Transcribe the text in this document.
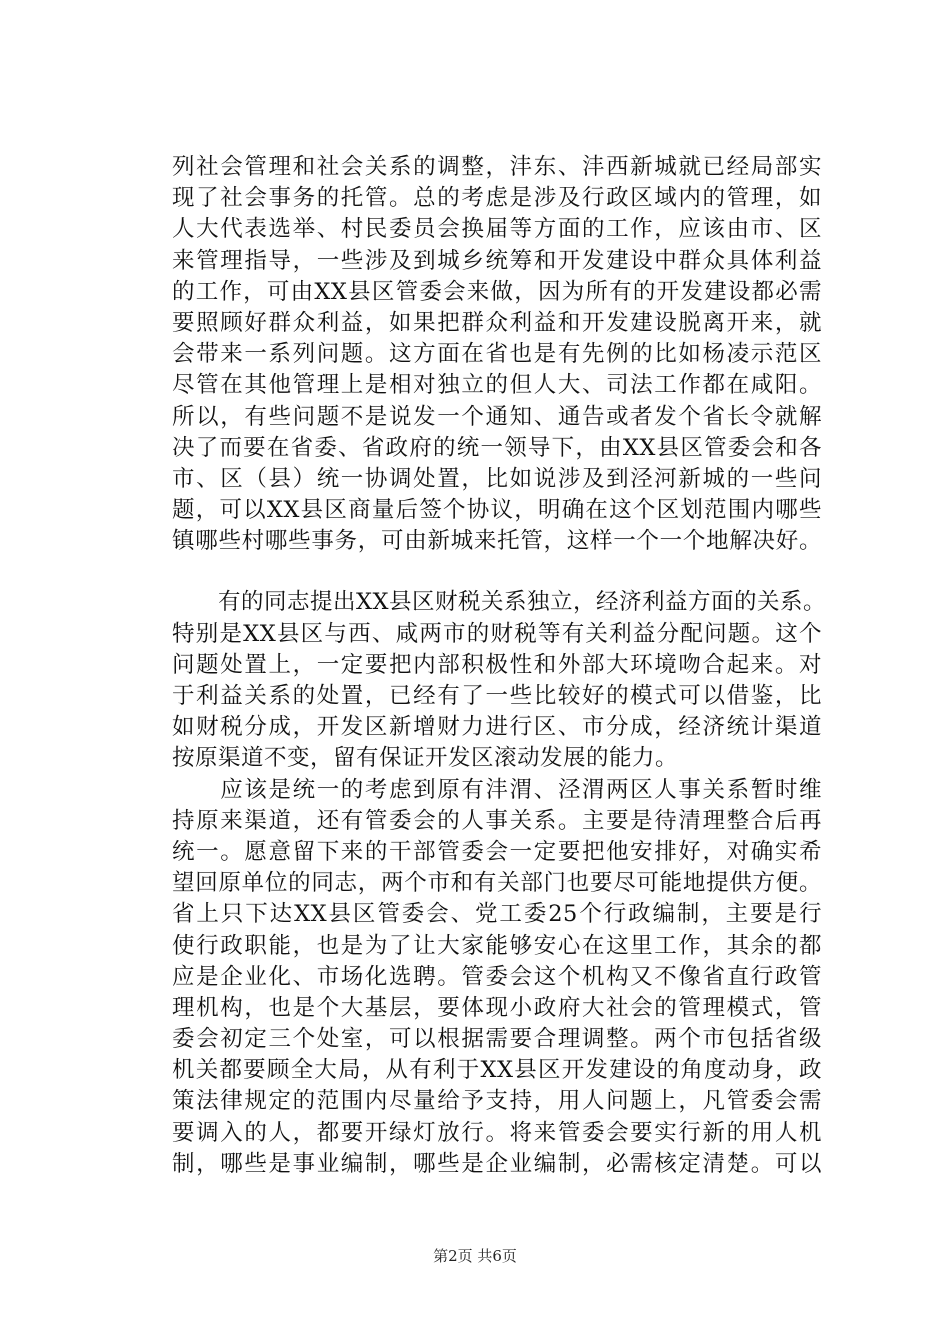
列社会管理和社会关系的调整，沣东、沣西新城就已经局部实
现了社会事务的托管。总的考虑是涉及行政区域内的管理，如
人大代表选举、村民委员会换届等方面的工作，应该由市、区
来管理指导，一些涉及到城乡统筹和开发建设中群众具体利益
的工作，可由XX县区管委会来做，因为所有的开发建设都必需
要照顾好群众利益，如果把群众利益和开发建设脱离开来，就
会带来一系列问题。这方面在省也是有先例的比如杨凌示范区
尽管在其他管理上是相对独立的但人大、司法工作都在咸阳。
所以，有些问题不是说发一个通知、通告或者发个省长令就解
决了而要在省委、省政府的统一领导下，由XX县区管委会和各
市、区（县）统一协调处置，比如说涉及到泾河新城的一些问
题，可以XX县区商量后签个协议，明确在这个区划范围内哪些
镇哪些村哪些事务，可由新城来托管，这样一个一个地解决好。
　　有的同志提出XX县区财税关系独立，经济利益方面的关系。
特别是XX县区与西、咸两市的财税等有关利益分配问题。这个
问题处置上，一定要把内部积极性和外部大环境吻合起来。对
于利益关系的处置，已经有了一些比较好的模式可以借鉴，比
如财税分成，开发区新增财力进行区、市分成，经济统计渠道
按原渠道不变，留有保证开发区滚动发展的能力。
　　应该是统一的考虑到原有沣渭、泾渭两区人事关系暂时维
持原来渠道，还有管委会的人事关系。主要是待清理整合后再
统一。愿意留下来的干部管委会一定要把他安排好，对确实希
望回原单位的同志，两个市和有关部门也要尽可能地提供方便。
省上只下达XX县区管委会、党工委25个行政编制，主要是行
使行政职能，也是为了让大家能够安心在这里工作，其余的都
应是企业化、市场化选聘。管委会这个机构又不像省直行政管
理机构，也是个大基层，要体现小政府大社会的管理模式，管
委会初定三个处室，可以根据需要合理调整。两个市包括省级
机关都要顾全大局，从有利于XX县区开发建设的角度动身，政
策法律规定的范围内尽量给予支持，用人问题上，凡管委会需
要调入的人，都要开绿灯放行。将来管委会要实行新的用人机
制，哪些是事业编制，哪些是企业编制，必需核定清楚。可以
第2页 共6页
